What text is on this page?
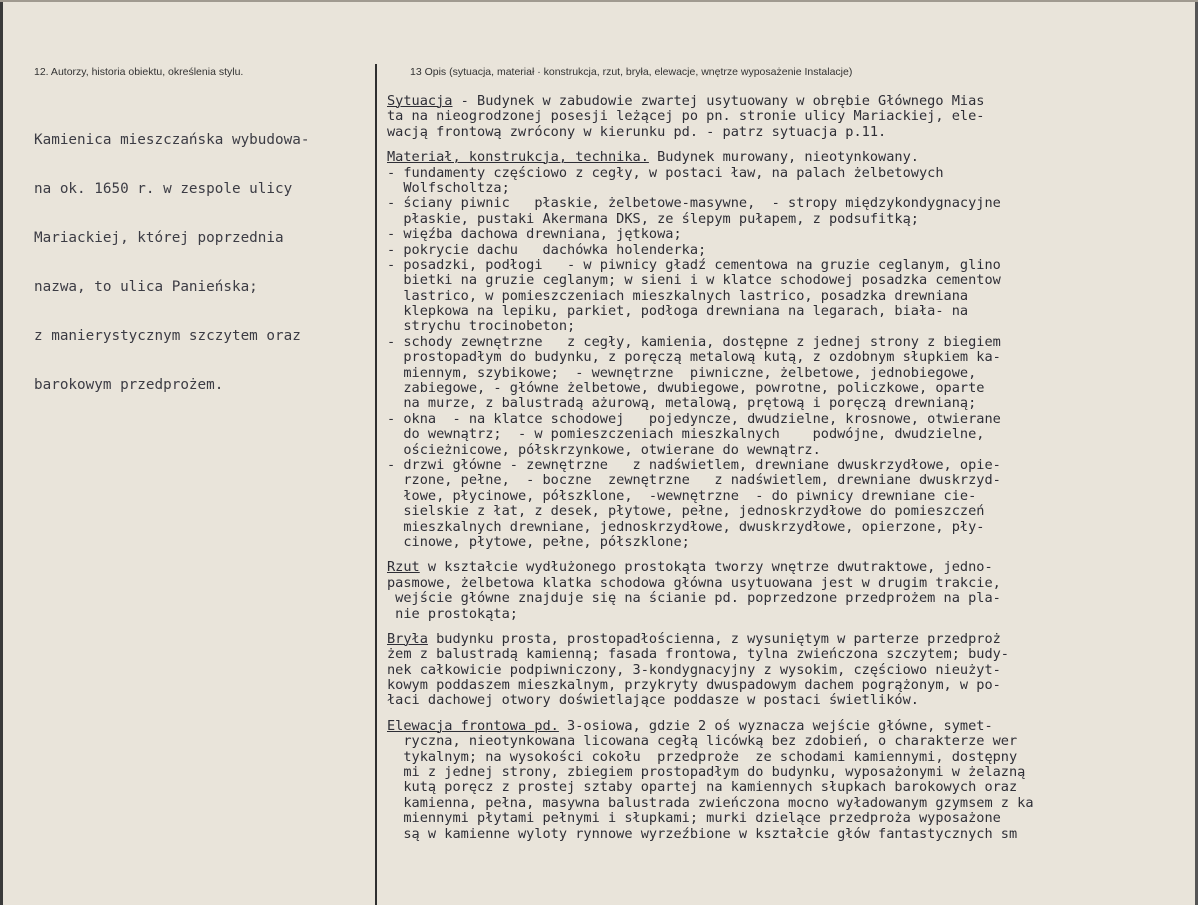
12. Autorzy, historia obiektu, określenia stylu.	13 Opis (sytuacja, materiał · konstrukcja, rzut, bryła, elewacje, wnętrze wyposażenie Instalacje)

Kamienica mieszczańska wybudowa-

na ok. 1650 r. w zespole ulicy

Mariackiej, której poprzednia

nazwa, to ulica Panieńska;

z manierystycznym szczytem oraz

barokowym przedprożem.

Sytuacja - Budynek w zabudowie zwartej usytuowany w obrębie Głównego Mias
ta na nieogrodzonej posesji leżącej po pn. stronie ulicy Mariackiej, ele-
wacją frontową zwrócony w kierunku pd. - patrz sytuacja p.11.
Materiał, konstrukcja, technika. Budynek murowany, nieotynkowany.
- fundamenty częściowo z cegły, w postaci ław, na palach żelbetowych
Wolfscholtza;
- ściany piwnic   płaskie, żelbetowe-masywne,  - stropy międzykondygnacyjne
płaskie, pustaki Akermana DKS, ze ślepym pułapem, z podsufitką;
- więźba dachowa drewniana, jętkowa;
- pokrycie dachu   dachówka holenderka;
- posadzki, podłogi   - w piwnicy gładź cementowa na gruzie ceglanym, glino
bietki na gruzie ceglanym; w sieni i w klatce schodowej posadzka cementow
lastrico, w pomieszczeniach mieszkalnych lastrico, posadzka drewniana
klepkowa na lepiku, parkiet, podłoga drewniana na legarach, biała- na
strychu trocinobeton;
- schody zewnętrzne   z cegły, kamienia, dostępne z jednej strony z biegiem
prostopadłym do budynku, z poręczą metalową kutą, z ozdobnym słupkiem ka-
miennym, szybikowe;  - wewnętrzne  piwniczne, żelbetowe, jednobiegowe,
zabiegowe, - główne żelbetowe, dwubiegowe, powrotne, policzkowe, oparte
na murze, z balustradą ażurową, metalową, prętową i poręczą drewnianą;
- okna  - na klatce schodowej   pojedyncze, dwudzielne, krosnowe, otwierane
do wewnątrz;  - w pomieszczeniach mieszkalnych    podwójne, dwudzielne,
ościeżnicowe, półskrzynkowe, otwierane do wewnątrz.
- drzwi główne - zewnętrzne   z nadświetlem, drewniane dwuskrzydłowe, opie-
rzone, pełne,  - boczne  zewnętrzne   z nadświetlem, drewniane dwuskrzyd-
łowe, płycinowe, półszklone,  -wewnętrzne  - do piwnicy drewniane cie-
sielskie z łat, z desek, płytowe, pełne, jednoskrzydłowe do pomieszczeń
mieszkalnych drewniane, jednoskrzydłowe, dwuskrzydłowe, opierzone, pły-
cinowe, płytowe, pełne, półszklone;
Rzut w kształcie wydłużonego prostokąta tworzy wnętrze dwutraktowe, jedno-
pasmowe, żelbetowa klatka schodowa główna usytuowana jest w drugim trakcie,
wejście główne znajduje się na ścianie pd. poprzedzone przedprożem na pla-
nie prostokąta;
Bryła budynku prosta, prostopadłościenna, z wysuniętym w parterze przedproż
żem z balustradą kamienną; fasada frontowa, tylna zwieńczona szczytem; budy-
nek całkowicie podpiwniczony, 3-kondygnacyjny z wysokim, częściowo nieużyt-
kowym poddaszem mieszkalnym, przykryty dwuspadowym dachem pogrążonym, w po-
łaci dachowej otwory doświetlające poddasze w postaci świetlików.
Elewacja frontowa pd. 3-osiowa, gdzie 2 oś wyznacza wejście główne, symet-
ryczna, nieotynkowana licowana cegłą licówką bez zdobień, o charakterze wer
tykalnym; na wysokości cokołu  przedproże  ze schodami kamiennymi, dostępny
mi z jednej strony, zbiegiem prostopadłym do budynku, wyposażonymi w żelazną
kutą poręcz z prostej sztaby opartej na kamiennych słupkach barokowych oraz
kamienna, pełna, masywna balustrada zwieńczona mocno wyładowanym gzymsem z ka
miennymi płytami pełnymi i słupkami; murki dzielące przedproża wyposażone
są w kamienne wyloty rynnowe wyrzeźbione w kształcie głów fantastycznych sm
